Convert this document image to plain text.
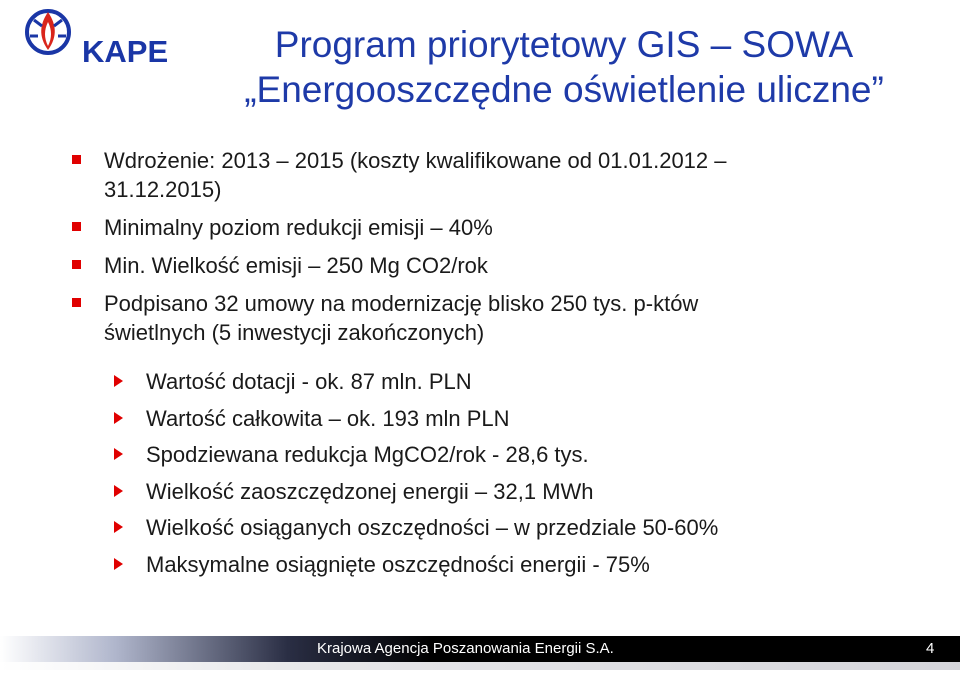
KAPE	Program priorytetowy GIS – SOWA
„Energooszczędne oświetlenie uliczne”
Wdrożenie: 2013 – 2015 (koszty kwalifikowane od 01.01.2012 –
31.12.2015)
Minimalny poziom redukcji emisji – 40%
Min. Wielkość emisji – 250 Mg CO2/rok
Podpisano 32 umowy na modernizację blisko 250 tys. p-któw
świetlnych (5 inwestycji zakończonych)
Wartość dotacji - ok. 87 mln. PLN
Wartość całkowita – ok. 193 mln PLN
Spodziewana redukcja MgCO2/rok - 28,6 tys.
Wielkość zaoszczędzonej energii – 32,1 MWh
Wielkość osiąganych oszczędności – w przedziale 50-60%
Maksymalne osiągnięte oszczędności energii - 75%
Krajowa Agencja Poszanowania Energii S.A.	4
